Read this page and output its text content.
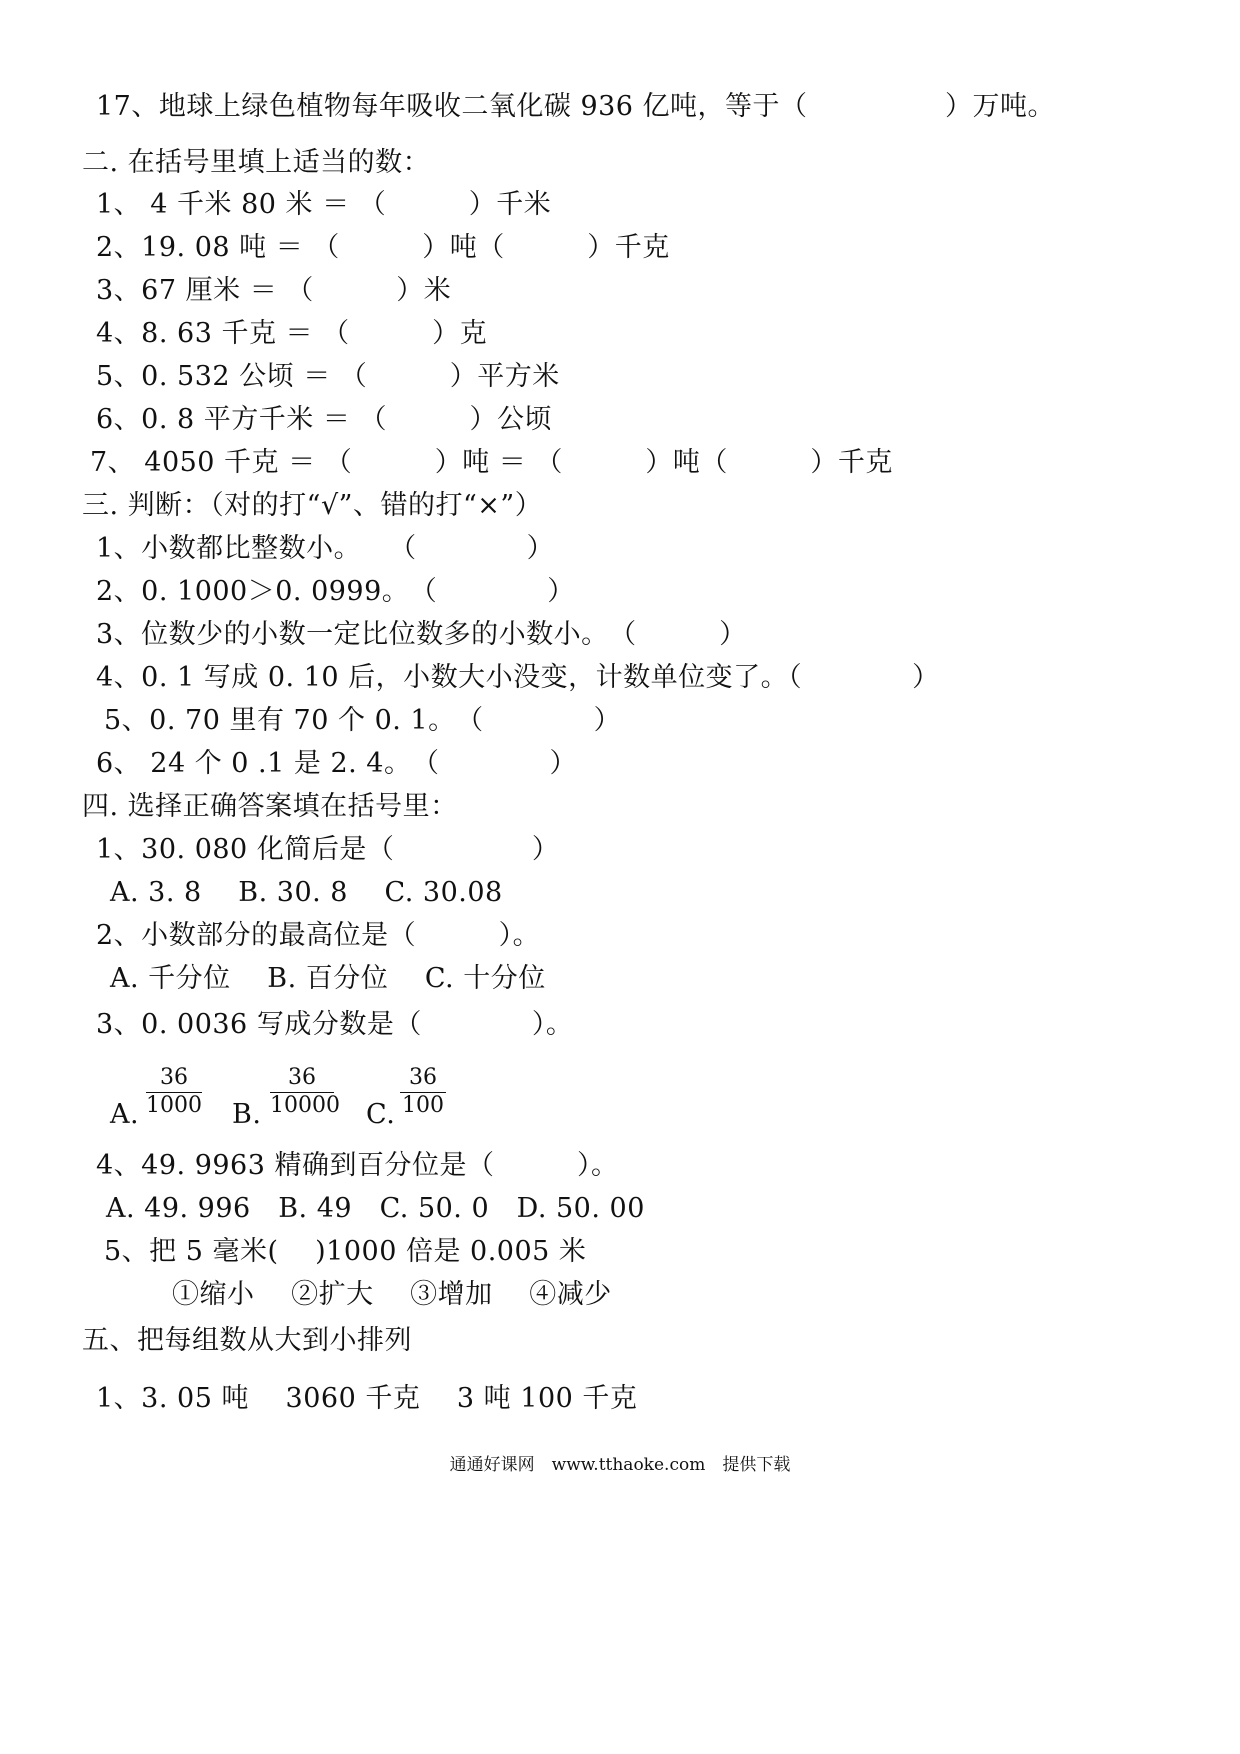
17、地球上绿色植物每年吸收二氧化碳 936 亿吨，等于（　　　　　）万吨。
二. 在括号里填上适当的数：
1、 4 千米 80 米 ＝ （　　　）千米
2、19. 08 吨 ＝ （　　　）吨（　　　）千克
3、67 厘米 ＝ （　　　）米
4、8. 63 千克 ＝ （　　　）克
5、0. 532 公顷 ＝ （　　　）平方米
6、0. 8 平方千米 ＝ （　　　）公顷
7、 4050 千克 ＝ （　　　）吨 ＝ （　　　）吨（　　　）千克
三. 判断：（对的打“√”、错的打“×”）
1、小数都比整数小。　　（　　　　）
2、0. 1000＞0. 0999。　（　　　　）
3、位数少的小数一定比位数多的小数小。　（　　　）
4、0. 1 写成 0. 10 后，小数大小没变，计数单位变了。（　　　　）
5、0. 70 里有 70 个 0. 1。　（　　　　）
6、 24 个 0 .1 是 2. 4。　（　　　　）
四. 选择正确答案填在括号里：
1、30. 080 化简后是（　　　　　）
A. 3. 8　 B. 30. 8　 C. 30.08
2、小数部分的最高位是（　　　）。
A. 千分位　 B. 百分位　 C. 十分位
3、0. 0036 写成分数是（　　　　）。
A.
36
1000 B.
36
10000 C.
36
100
4、49. 9963 精确到百分位是（　　　）。
A. 49. 996　B. 49　C. 50. 0　D. 50. 00
5、把 5 毫米(　 )1000 倍是 0.005 米
①缩小　 ②扩大　 ③增加　 ④减少
五、把每组数从大到小排列
1、3. 05 吨　 3060 千克　 3 吨 100 千克
通通好课网　www.tthaoke.com　提供下载
